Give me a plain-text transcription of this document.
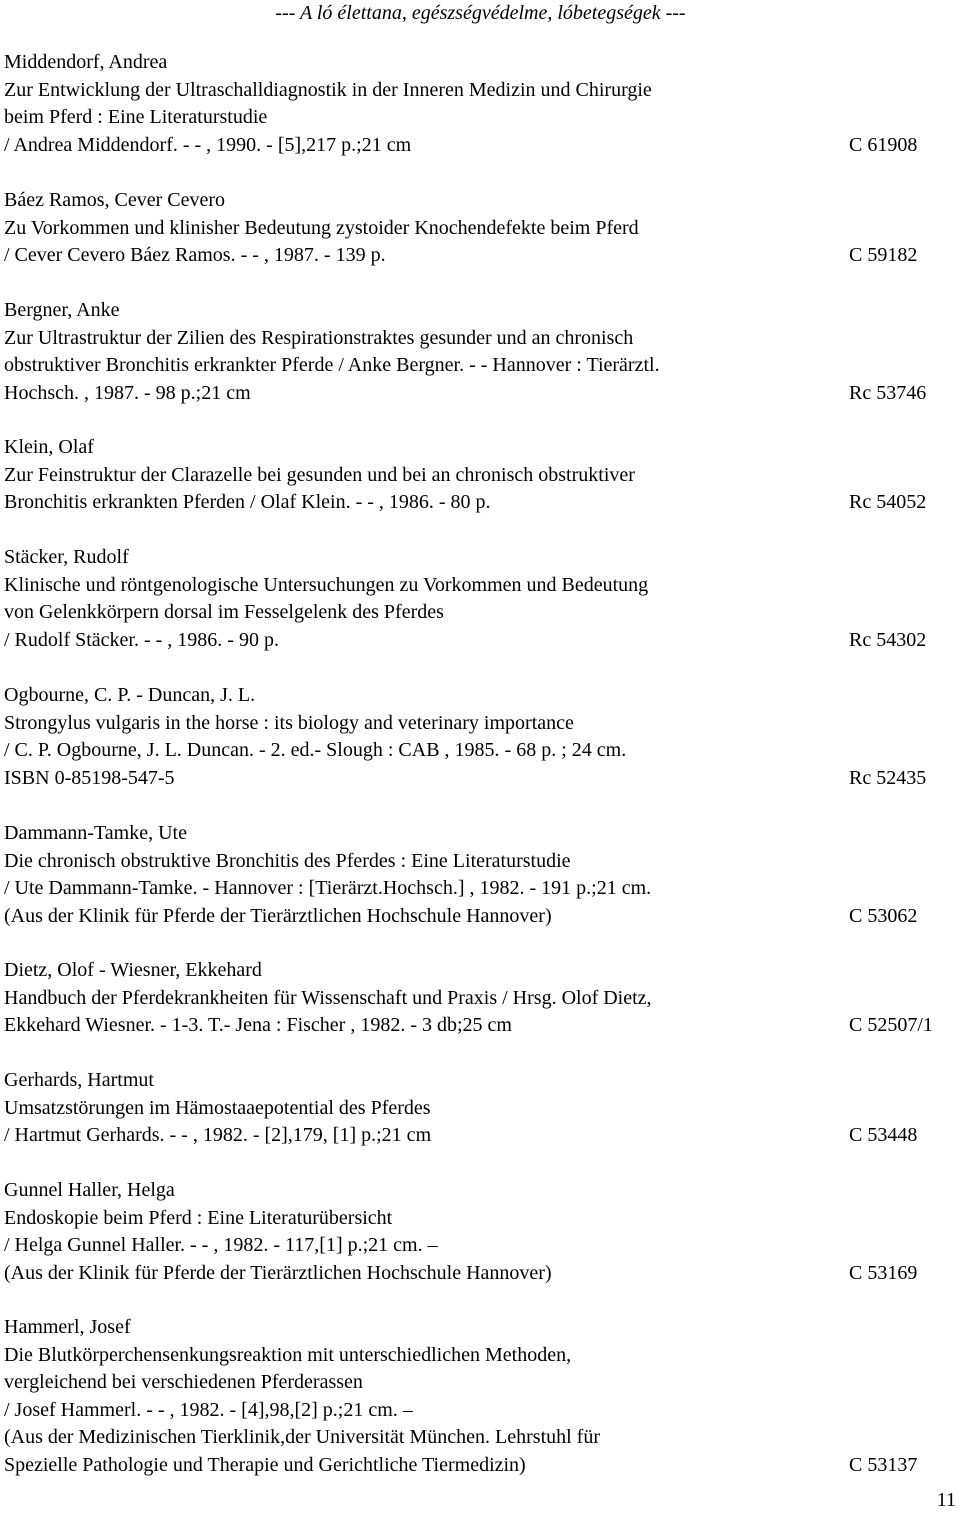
--- A ló élettana, egészségvédelme, lóbetegségek ---
Middendorf, Andrea
Zur Entwicklung der Ultraschalldiagnostik in der Inneren Medizin und Chirurgie
beim Pferd : Eine Literaturstudie
/ Andrea Middendorf. - - , 1990. - [5],217 p.;21 cm	C 61908
Báez Ramos, Cever Cevero
Zu Vorkommen und klinisher Bedeutung zystoider Knochendefekte beim Pferd
/ Cever Cevero Báez Ramos. - - , 1987. - 139 p.	C 59182
Bergner, Anke
Zur Ultrastruktur der Zilien des Respirationstraktes gesunder und an chronisch
obstruktiver Bronchitis erkrankter Pferde / Anke Bergner. - - Hannover : Tierärztl.
Hochsch. , 1987. - 98 p.;21 cm	Rc 53746
Klein, Olaf
Zur Feinstruktur der Clarazelle bei gesunden und bei an chronisch obstruktiver
Bronchitis erkrankten Pferden / Olaf Klein. - - , 1986. - 80 p.	Rc 54052
Stäcker, Rudolf
Klinische und röntgenologische Untersuchungen zu Vorkommen und Bedeutung
von Gelenkkörpern dorsal im Fesselgelenk des Pferdes
/ Rudolf Stäcker. - - , 1986. - 90 p.	Rc 54302
Ogbourne, C. P. - Duncan, J. L.
Strongylus vulgaris in the horse : its biology and veterinary importance
/ C. P. Ogbourne, J. L. Duncan. - 2. ed.- Slough : CAB , 1985. - 68 p. ; 24 cm.
ISBN 0-85198-547-5	Rc 52435
Dammann-Tamke, Ute
Die chronisch obstruktive Bronchitis des Pferdes : Eine Literaturstudie
/ Ute Dammann-Tamke. - Hannover : [Tierärzt.Hochsch.] , 1982. - 191 p.;21 cm.
(Aus der Klinik für Pferde der Tierärztlichen Hochschule Hannover)	C 53062
Dietz, Olof - Wiesner, Ekkehard
Handbuch der Pferdekrankheiten für Wissenschaft und Praxis / Hrsg. Olof Dietz,
Ekkehard Wiesner. - 1-3. T.- Jena : Fischer , 1982. - 3 db;25 cm	C 52507/1
Gerhards, Hartmut
Umsatzstörungen im Hämostaaepotential des Pferdes
/ Hartmut Gerhards. - - , 1982. - [2],179, [1] p.;21 cm	C 53448
Gunnel Haller, Helga
Endoskopie beim Pferd : Eine Literaturübersicht
/ Helga Gunnel Haller. - - , 1982. - 117,[1] p.;21 cm. –
(Aus der Klinik für Pferde der Tierärztlichen Hochschule Hannover)	C 53169
Hammerl, Josef
Die Blutkörperchensenkungsreaktion mit unterschiedlichen Methoden,
vergleichend bei verschiedenen Pferderassen
/ Josef Hammerl. - - , 1982. - [4],98,[2] p.;21 cm. –
(Aus der Medizinischen Tierklinik,der Universität München. Lehrstuhl für
Spezielle Pathologie und Therapie und Gerichtliche Tiermedizin)	C 53137
11
